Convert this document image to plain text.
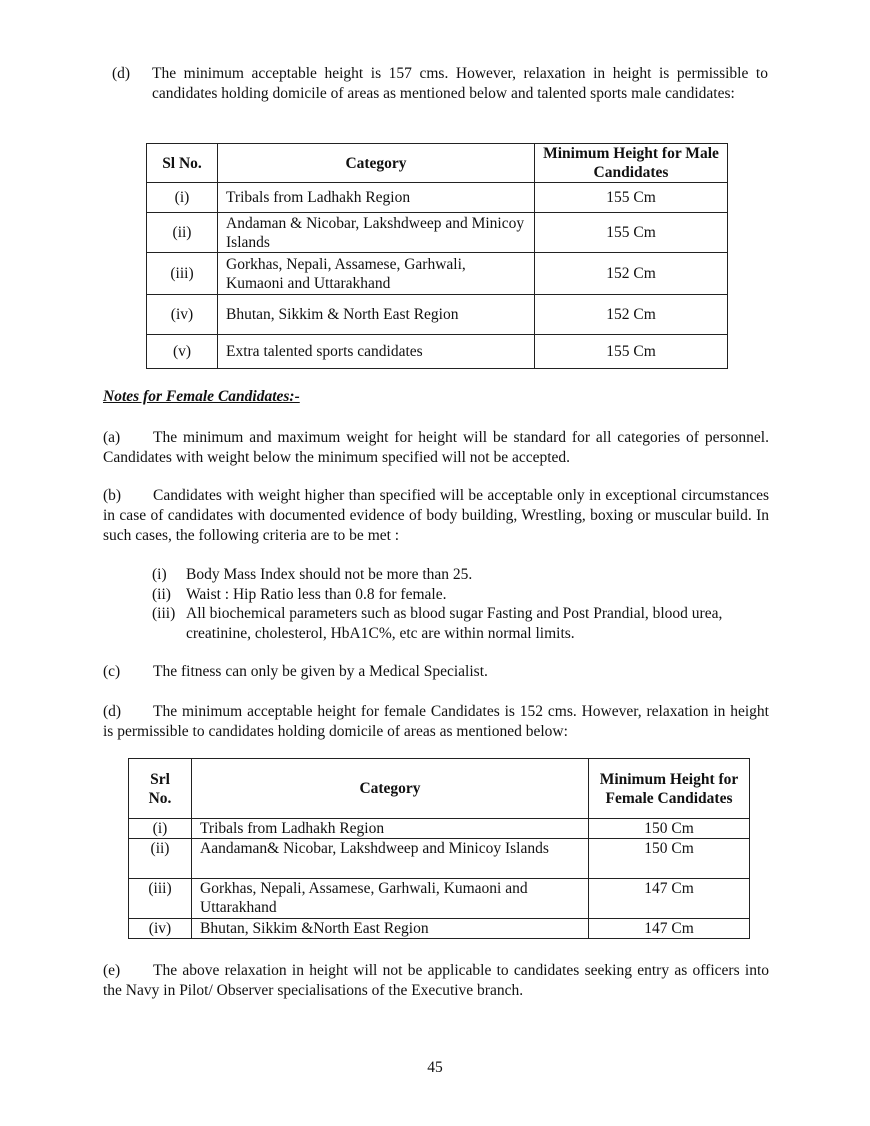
(d) The minimum acceptable height is 157 cms. However, relaxation in height is permissible to candidates holding domicile of areas as mentioned below and talented sports male candidates:
Sl No.	Category	Minimum Height for Male Candidates
(i)	Tribals from Ladhakh Region	155 Cm
(ii)	Andaman & Nicobar, Lakshdweep and Minicoy Islands	155 Cm
(iii)	Gorkhas, Nepali, Assamese, Garhwali, Kumaoni and Uttarakhand	152 Cm
(iv)	Bhutan, Sikkim & North East Region	152 Cm
(v)	Extra talented sports candidates	155 Cm
Notes for Female Candidates:-

(a) The minimum and maximum weight for height will be standard for all categories of personnel. Candidates with weight below the minimum specified will not be accepted.

(b) Candidates with weight higher than specified will be acceptable only in exceptional circumstances in case of candidates with documented evidence of body building, Wrestling, boxing or muscular build. In such cases, the following criteria are to be met :

(i) Body Mass Index should not be more than 25.
(ii) Waist : Hip Ratio less than 0.8 for female.
(iii) All biochemical parameters such as blood sugar Fasting and Post Prandial, blood urea, creatinine, cholesterol, HbA1C%, etc are within normal limits.
(c) The fitness can only be given by a Medical Specialist.

(d) The minimum acceptable height for female Candidates is 152 cms. However, relaxation in height is permissible to candidates holding domicile of areas as mentioned below:

Srl No.	Category	Minimum Height for Female Candidates
(i)	Tribals from Ladhakh Region	150 Cm
(ii)	Aandaman& Nicobar, Lakshdweep and Minicoy Islands	150 Cm
(iii)	Gorkhas, Nepali, Assamese, Garhwali, Kumaoni and Uttarakhand	147 Cm
(iv)	Bhutan, Sikkim &North East Region	147 Cm

(e) The above relaxation in height will not be applicable to candidates seeking entry as officers into the Navy in Pilot/ Observer specialisations of the Executive branch.

45
